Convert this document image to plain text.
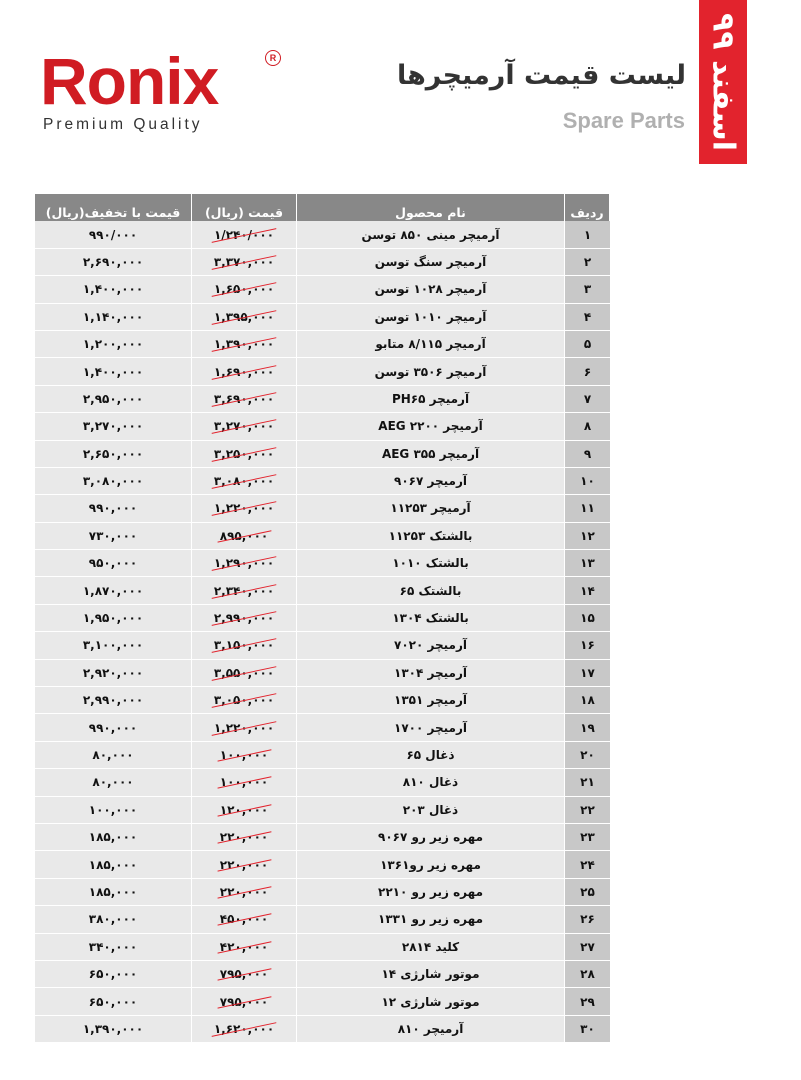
Ronix	R
Premium Quality
لیست قیمت آرمیچرها
Spare Parts
اسفند ۹۹
قیمت با تخفیف(ریال)	قیمت (ریال)	نام محصول	ردیف
۹۹۰/۰۰۰	۱/۲۴۰/۰۰۰	آرمیچر مینی ۸۵۰ توسن	۱
۲,۶۹۰,۰۰۰	۳,۳۷۰,۰۰۰	آرمیچر سنگ توسن	۲
۱,۴۰۰,۰۰۰	۱,۶۵۰,۰۰۰	آرمیچر ۱۰۲۸ توسن	۳
۱,۱۴۰,۰۰۰	۱,۳۹۵,۰۰۰	آرمیچر ۱۰۱۰ توسن	۴
۱,۲۰۰,۰۰۰	۱,۳۹۰,۰۰۰	آرمیچر ۸/۱۱۵ متابو	۵
۱,۴۰۰,۰۰۰	۱,۶۹۰,۰۰۰	آرمیچر ۳۵۰۶ توسن	۶
۲,۹۵۰,۰۰۰	۳,۶۹۰,۰۰۰	آرمیچر PH۶۵	۷
۳,۲۷۰,۰۰۰	۳,۲۷۰,۰۰۰	آرمیچر AEG ۲۲۰۰	۸
۲,۶۵۰,۰۰۰	۳,۲۵۰,۰۰۰	آرمیچر AEG ۳۵۵	۹
۳,۰۸۰,۰۰۰	۳,۰۸۰,۰۰۰	آرمیچر ۹۰۶۷	۱۰
۹۹۰,۰۰۰	۱,۲۲۰,۰۰۰	آرمیچر ۱۱۲۵۳	۱۱
۷۳۰,۰۰۰	۸۹۵,۰۰۰	بالشتک ۱۱۲۵۳	۱۲
۹۵۰,۰۰۰	۱,۲۹۰,۰۰۰	بالشتک ۱۰۱۰	۱۳
۱,۸۷۰,۰۰۰	۲,۳۴۰,۰۰۰	بالشتک ۶۵	۱۴
۱,۹۵۰,۰۰۰	۲,۹۹۰,۰۰۰	بالشتک ۱۳۰۴	۱۵
۳,۱۰۰,۰۰۰	۳,۱۵۰,۰۰۰	آرمیچر ۷۰۲۰	۱۶
۲,۹۲۰,۰۰۰	۳,۵۵۰,۰۰۰	آرمیچر ۱۳۰۴	۱۷
۲,۹۹۰,۰۰۰	۳,۰۵۰,۰۰۰	آرمیچر ۱۳۵۱	۱۸
۹۹۰,۰۰۰	۱,۲۲۰,۰۰۰	آرمیچر ۱۷۰۰	۱۹
۸۰,۰۰۰	۱۰۰,۰۰۰	ذغال ۶۵	۲۰
۸۰,۰۰۰	۱۰۰,۰۰۰	ذغال ۸۱۰	۲۱
۱۰۰,۰۰۰	۱۲۰,۰۰۰	ذغال ۲۰۳	۲۲
۱۸۵,۰۰۰	۲۲۰,۰۰۰	مهره زیر رو ۹۰۶۷	۲۳
۱۸۵,۰۰۰	۲۲۰,۰۰۰	مهره زیر رو۱۳۶۱	۲۴
۱۸۵,۰۰۰	۲۲۰,۰۰۰	مهره زیر رو ۲۲۱۰	۲۵
۳۸۰,۰۰۰	۴۵۰,۰۰۰	مهره زیر رو ۱۳۳۱	۲۶
۳۴۰,۰۰۰	۴۲۰,۰۰۰	کلید ۲۸۱۴	۲۷
۶۵۰,۰۰۰	۷۹۵,۰۰۰	موتور شارژی ۱۴	۲۸
۶۵۰,۰۰۰	۷۹۵,۰۰۰	موتور شارژی ۱۲	۲۹
۱,۳۹۰,۰۰۰	۱,۶۲۰,۰۰۰	آرمیچر ۸۱۰	۳۰
